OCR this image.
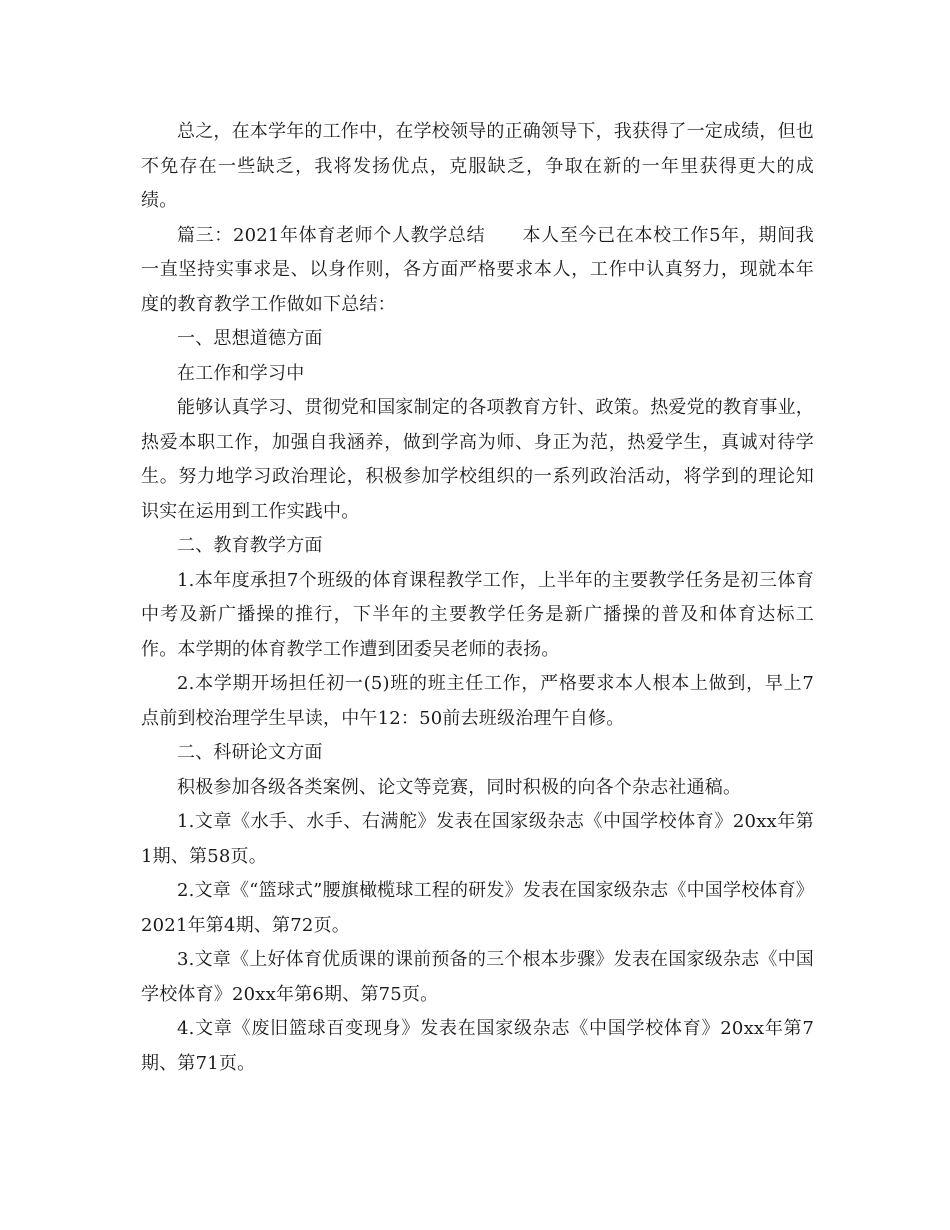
总之，在本学年的工作中，在学校领导的正确领导下，我获得了一定成绩，但也不免存在一些缺乏，我将发扬优点，克服缺乏，争取在新的一年里获得更大的成绩。

篇三：2021年体育老师个人教学总结　　本人至今已在本校工作5年，期间我一直坚持实事求是、以身作则，各方面严格要求本人，工作中认真努力，现就本年度的教育教学工作做如下总结：

一、思想道德方面

在工作和学习中

能够认真学习、贯彻党和国家制定的各项教育方针、政策。热爱党的教育事业，热爱本职工作，加强自我涵养，做到学高为师、身正为范，热爱学生，真诚对待学生。努力地学习政治理论，积极参加学校组织的一系列政治活动，将学到的理论知识实在运用到工作实践中。

二、教育教学方面

1.本年度承担7个班级的体育课程教学工作，上半年的主要教学任务是初三体育中考及新广播操的推行，下半年的主要教学任务是新广播操的普及和体育达标工作。本学期的体育教学工作遭到团委吴老师的表扬。

2.本学期开场担任初一(5)班的班主任工作，严格要求本人根本上做到，早上7点前到校治理学生早读，中午12：50前去班级治理午自修。

二、科研论文方面

积极参加各级各类案例、论文等竞赛，同时积极的向各个杂志社通稿。

1.文章《水手、水手、右满舵》发表在国家级杂志《中国学校体育》20xx年第1期、第58页。

2.文章《“篮球式”腰旗橄榄球工程的研发》发表在国家级杂志《中国学校体育》2021年第4期、第72页。

3.文章《上好体育优质课的课前预备的三个根本步骤》发表在国家级杂志《中国学校体育》20xx年第6期、第75页。

4.文章《废旧篮球百变现身》发表在国家级杂志《中国学校体育》20xx年第7期、第71页。
